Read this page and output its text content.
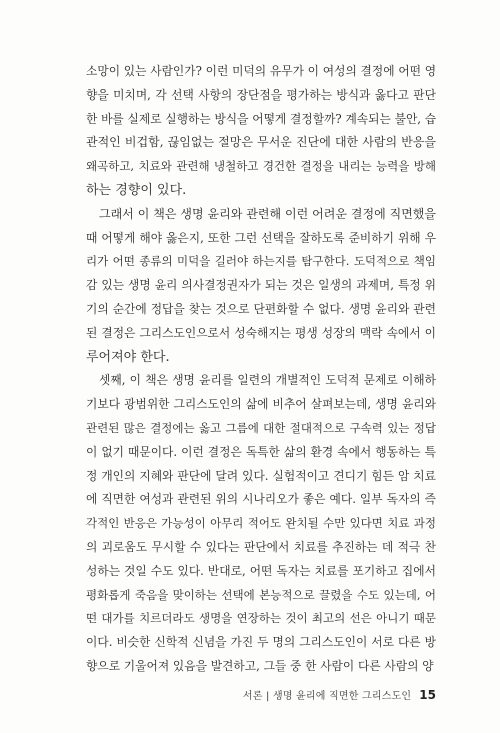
소망이 있는 사람인가? 이런 미덕의 유무가 이 여성의 결정에 어떤 영
향을 미치며, 각 선택 사항의 장단점을 평가하는 방식과 옳다고 판단
한 바를 실제로 실행하는 방식을 어떻게 결정할까? 계속되는 불안, 습
관적인 비겁함, 끊임없는 절망은 무서운 진단에 대한 사람의 반응을
왜곡하고, 치료와 관련해 냉철하고 경건한 결정을 내리는 능력을 방해
하는 경향이 있다.
그래서 이 책은 생명 윤리와 관련해 이런 어려운 결정에 직면했을
때 어떻게 해야 옳은지, 또한 그런 선택을 잘하도록 준비하기 위해 우
리가 어떤 종류의 미덕을 길러야 하는지를 탐구한다. 도덕적으로 책임
감 있는 생명 윤리 의사결정권자가 되는 것은 일생의 과제며, 특정 위
기의 순간에 정답을 찾는 것으로 단편화할 수 없다. 생명 윤리와 관련
된 결정은 그리스도인으로서 성숙해지는 평생 성장의 맥락 속에서 이
루어져야 한다.
셋째, 이 책은 생명 윤리를 일련의 개별적인 도덕적 문제로 이해하
기보다 광범위한 그리스도인의 삶에 비추어 살펴보는데, 생명 윤리와
관련된 많은 결정에는 옳고 그름에 대한 절대적으로 구속력 있는 정답
이 없기 때문이다. 이런 결정은 독특한 삶의 환경 속에서 행동하는 특
정 개인의 지혜와 판단에 달려 있다. 실험적이고 견디기 힘든 암 치료
에 직면한 여성과 관련된 위의 시나리오가 좋은 예다. 일부 독자의 즉
각적인 반응은 가능성이 아무리 적어도 완치될 수만 있다면 치료 과정
의 괴로움도 무시할 수 있다는 판단에서 치료를 추진하는 데 적극 찬
성하는 것일 수도 있다. 반대로, 어떤 독자는 치료를 포기하고 집에서
평화롭게 죽음을 맞이하는 선택에 본능적으로 끌렸을 수도 있는데, 어
떤 대가를 치르더라도 생명을 연장하는 것이 최고의 선은 아니기 때문
이다. 비슷한 신학적 신념을 가진 두 명의 그리스도인이 서로 다른 방
향으로 기울어져 있음을 발견하고, 그들 중 한 사람이 다른 사람의 양
서론 | 생명 윤리에 직면한 그리스도인 15
